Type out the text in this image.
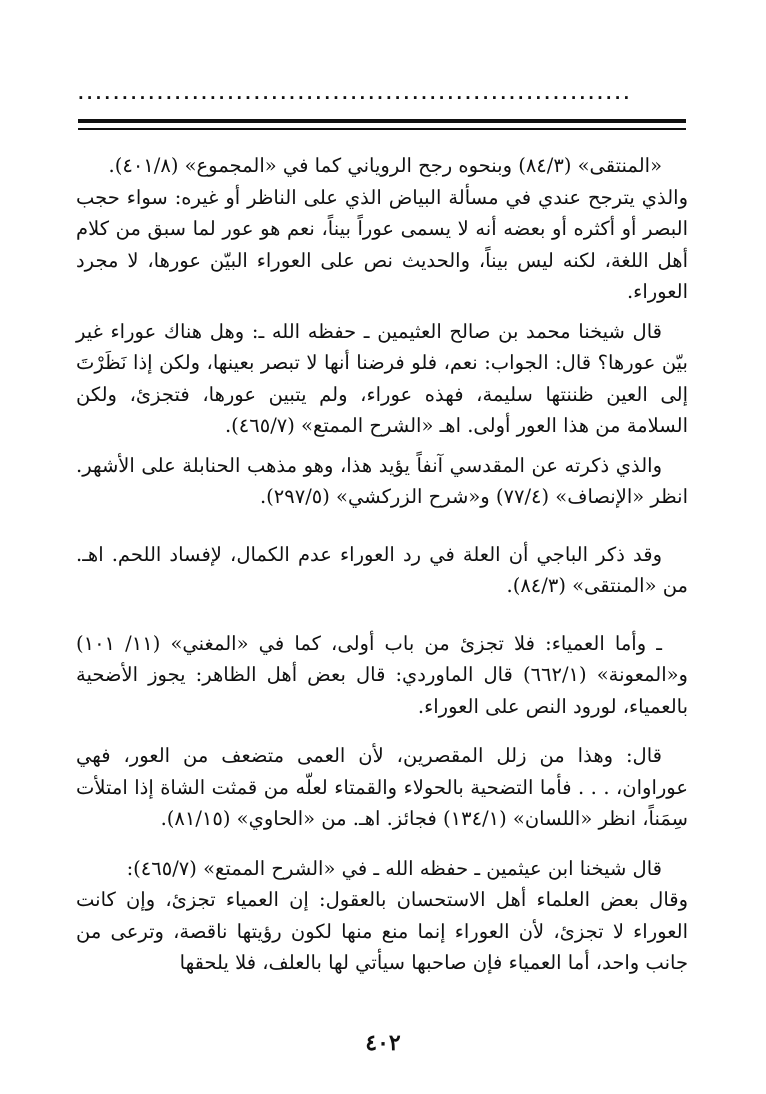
...............................................................

«المنتقى» (٨٤/٣) وبنحوه رجح الروياني كما في «المجموع» (٤٠١/٨).

والذي يترجح عندي في مسألة البياض الذي على الناظر أو غيره: سواء حجب البصر أو أكثره أو بعضه أنه لا يسمى عوراً بيناً، نعم هو عور لما سبق من كلام أهل اللغة، لكنه ليس بيناً، والحديث نص على العوراء البيّن عورها، لا مجرد العوراء.

قال شيخنا محمد بن صالح العثيمين ـ حفظه الله ـ: وهل هناك عوراء غير بيّن عورها؟ قال: الجواب: نعم، فلو فرضنا أنها لا تبصر بعينها، ولكن إذا نَظَرْتَ إلى العين ظننتها سليمة، فهذه عوراء، ولم يتبين عورها، فتجزئ، ولكن السلامة من هذا العور أولى. اهـ «الشرح الممتع» (٤٦٥/٧).

والذي ذكرته عن المقدسي آنفاً يؤيد هذا، وهو مذهب الحنابلة على الأشهر. انظر «الإنصاف» (٧٧/٤) و«شرح الزركشي» (٢٩٧/٥).

وقد ذكر الباجي أن العلة في رد العوراء عدم الكمال، لإفساد اللحم. اهـ. من «المنتقى» (٨٤/٣).

ـ وأما العمياء: فلا تجزئ من باب أولى، كما في «المغني» (١١/ ١٠١) و«المعونة» (٦٦٢/١) قال الماوردي: قال بعض أهل الظاهر: يجوز الأضحية بالعمياء، لورود النص على العوراء.

قال: وهذا من زلل المقصرين، لأن العمى متضعف من العور، فهي عوراوان، . . . فأما التضحية بالحولاء والقمتاء لعلّه من قمثت الشاة إذا امتلأت سِمَناً، انظر «اللسان» (١٣٤/١) فجائز. اهـ. من «الحاوي» (٨١/١٥).

قال شيخنا ابن عيثمين ـ حفظه الله ـ في «الشرح الممتع» (٤٦٥/٧):

وقال بعض العلماء أهل الاستحسان بالعقول: إن العمياء تجزئ، وإن كانت العوراء لا تجزئ، لأن العوراء إنما منع منها لكون رؤيتها ناقصة، وترعى من جانب واحد، أما العمياء فإن صاحبها سيأتي لها بالعلف، فلا يلحقها

٤٠٢
